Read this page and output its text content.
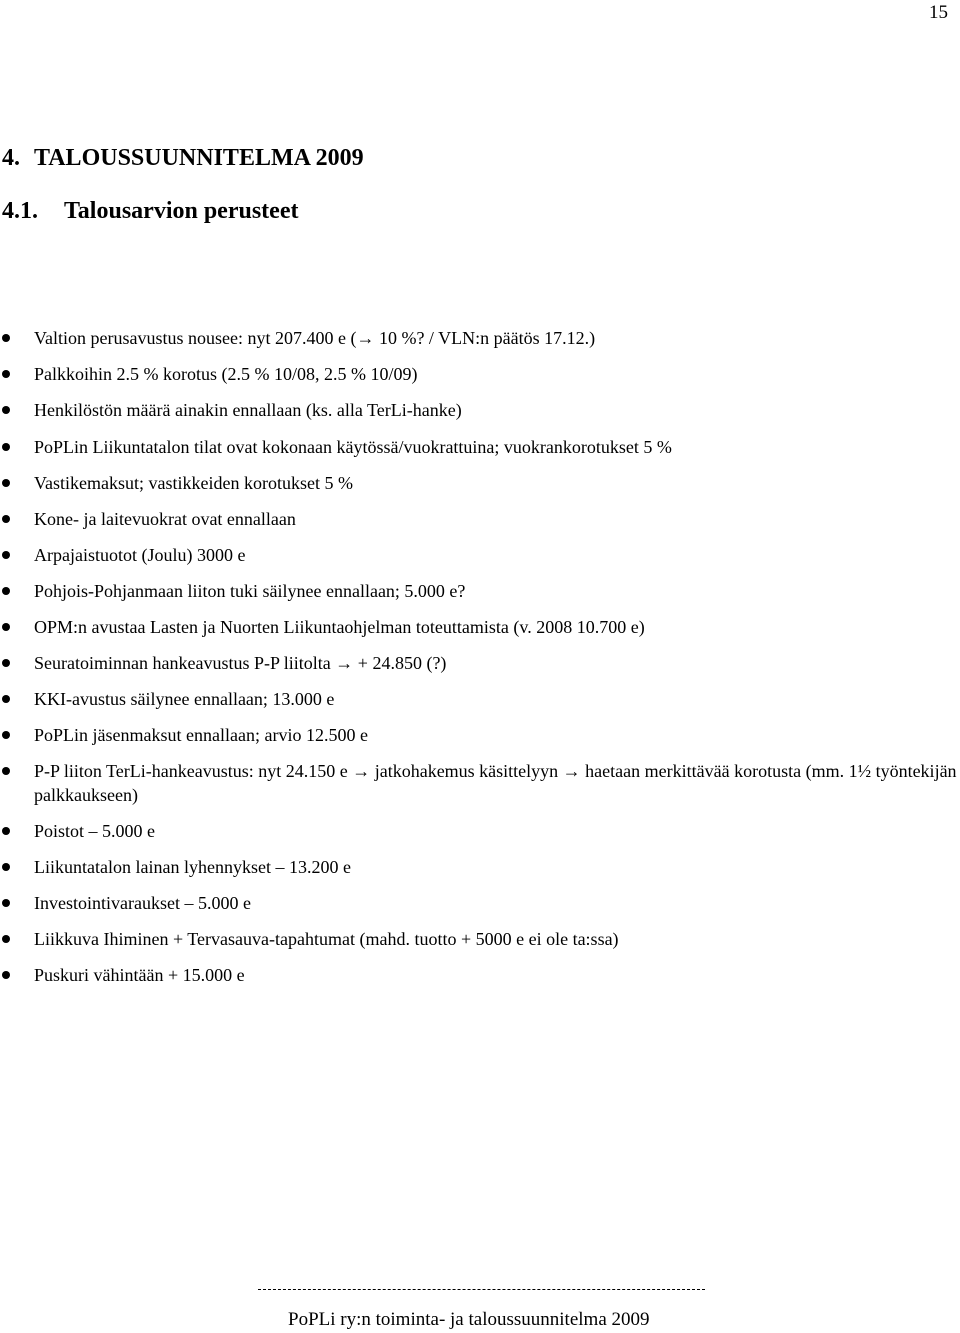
15
4. TALOUSSUUNNITELMA 2009
4.1. Talousarvion perusteet
Valtion perusavustus nousee: nyt 207.400 e (→ 10 %? / VLN:n päätös 17.12.)
Palkkoihin 2.5 % korotus (2.5 % 10/08, 2.5 % 10/09)
Henkilöstön määrä ainakin ennallaan (ks. alla TerLi-hanke)
PoPLin Liikuntatalon tilat ovat kokonaan käytössä/vuokrattuina; vuokrankorotukset 5 %
Vastikemaksut; vastikkeiden korotukset 5 %
Kone- ja laitevuokrat ovat ennallaan
Arpajaistuotot (Joulu) 3000 e
Pohjois-Pohjanmaan liiton tuki säilynee ennallaan; 5.000 e?
OPM:n avustaa Lasten ja Nuorten Liikuntaohjelman toteuttamista (v. 2008 10.700 e)
Seuratoiminnan hankeavustus P-P liitolta → + 24.850 (?)
KKI-avustus säilynee ennallaan; 13.000 e
PoPLin jäsenmaksut ennallaan; arvio 12.500 e
P-P liiton TerLi-hankeavustus: nyt 24.150 e → jatkohakemus käsittelyyn → haetaan merkittävää korotusta (mm. 1½ työntekijän palkkaukseen)
Poistot – 5.000 e
Liikuntatalon lainan lyhennykset – 13.200 e
Investointivaraukset – 5.000 e
Liikkuva Ihiminen + Tervasauva-tapahtumat (mahd. tuotto + 5000 e ei ole ta:ssa)
Puskuri vähintään + 15.000 e
PoPLi ry:n toiminta- ja taloussuunnitelma 2009
